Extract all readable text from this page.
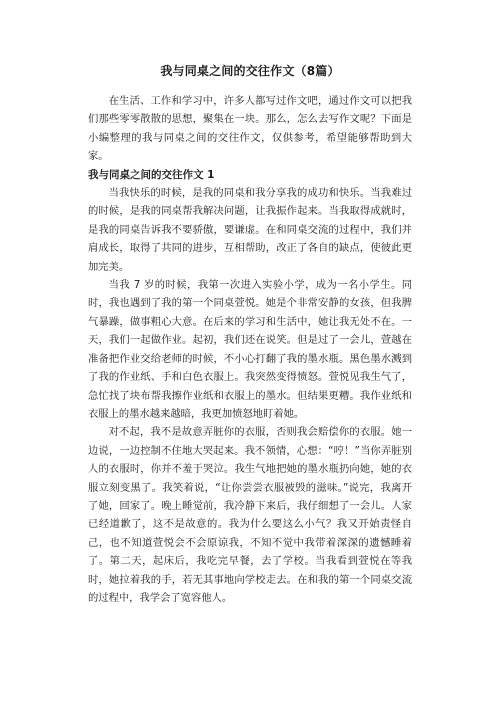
我与同桌之间的交往作文（8篇）

在生活、工作和学习中，许多人都写过作文吧，通过作文可以把我们那些零零散散的思想，聚集在一块。那么，怎么去写作文呢？下面是小编整理的我与同桌之间的交往作文，仅供参考，希望能够帮助到大家。

我与同桌之间的交往作文 1

当我快乐的时候，是我的同桌和我分享我的成功和快乐。当我难过的时候，是我的同桌帮我解决问题，让我振作起来。当我取得成就时，是我的同桌告诉我不要骄傲，要谦虚。在和同桌交流的过程中，我们并肩成长，取得了共同的进步，互相帮助，改正了各自的缺点，使彼此更加完美。

当我 7 岁的时候，我第一次进入实验小学，成为一名小学生。同时，我也遇到了我的第一个同桌萱悦。她是个非常安静的女孩，但我脾气暴躁，做事粗心大意。在后来的学习和生活中，她让我无处不在。一天，我们一起做作业。起初，我们还在说笑。但是过了一会儿，萱越在准备把作业交给老师的时候，不小心打翻了我的墨水瓶。黑色墨水溅到了我的作业纸、手和白色衣服上。我突然变得愤怒。萱悦见我生气了，急忙找了块布帮我擦作业纸和衣服上的墨水。但结果更糟。我作业纸和衣服上的墨水越来越暗，我更加愤怒地盯着她。

对不起，我不是故意弄脏你的衣服，否则我会赔偿你的衣服。她一边说，一边控制不住地大哭起来。我不领情，心想：“哼！”当你弄脏别人的衣服时，你并不羞于哭泣。我生气地把她的墨水瓶扔向她，她的衣服立刻变黑了。我笑着说，“让你尝尝衣服被毁的滋味。”说完，我离开了她，回家了。晚上睡觉前，我冷静下来后，我仔细想了一会儿。人家已经道歉了，这不是故意的。我为什么要这么小气？我又开始责怪自己，也不知道萱悦会不会原谅我，不知不觉中我带着深深的遗憾睡着了。第二天，起床后，我吃完早餐，去了学校。当我看到萱悦在等我时，她拉着我的手，若无其事地向学校走去。在和我的第一个同桌交流的过程中，我学会了宽容他人。
